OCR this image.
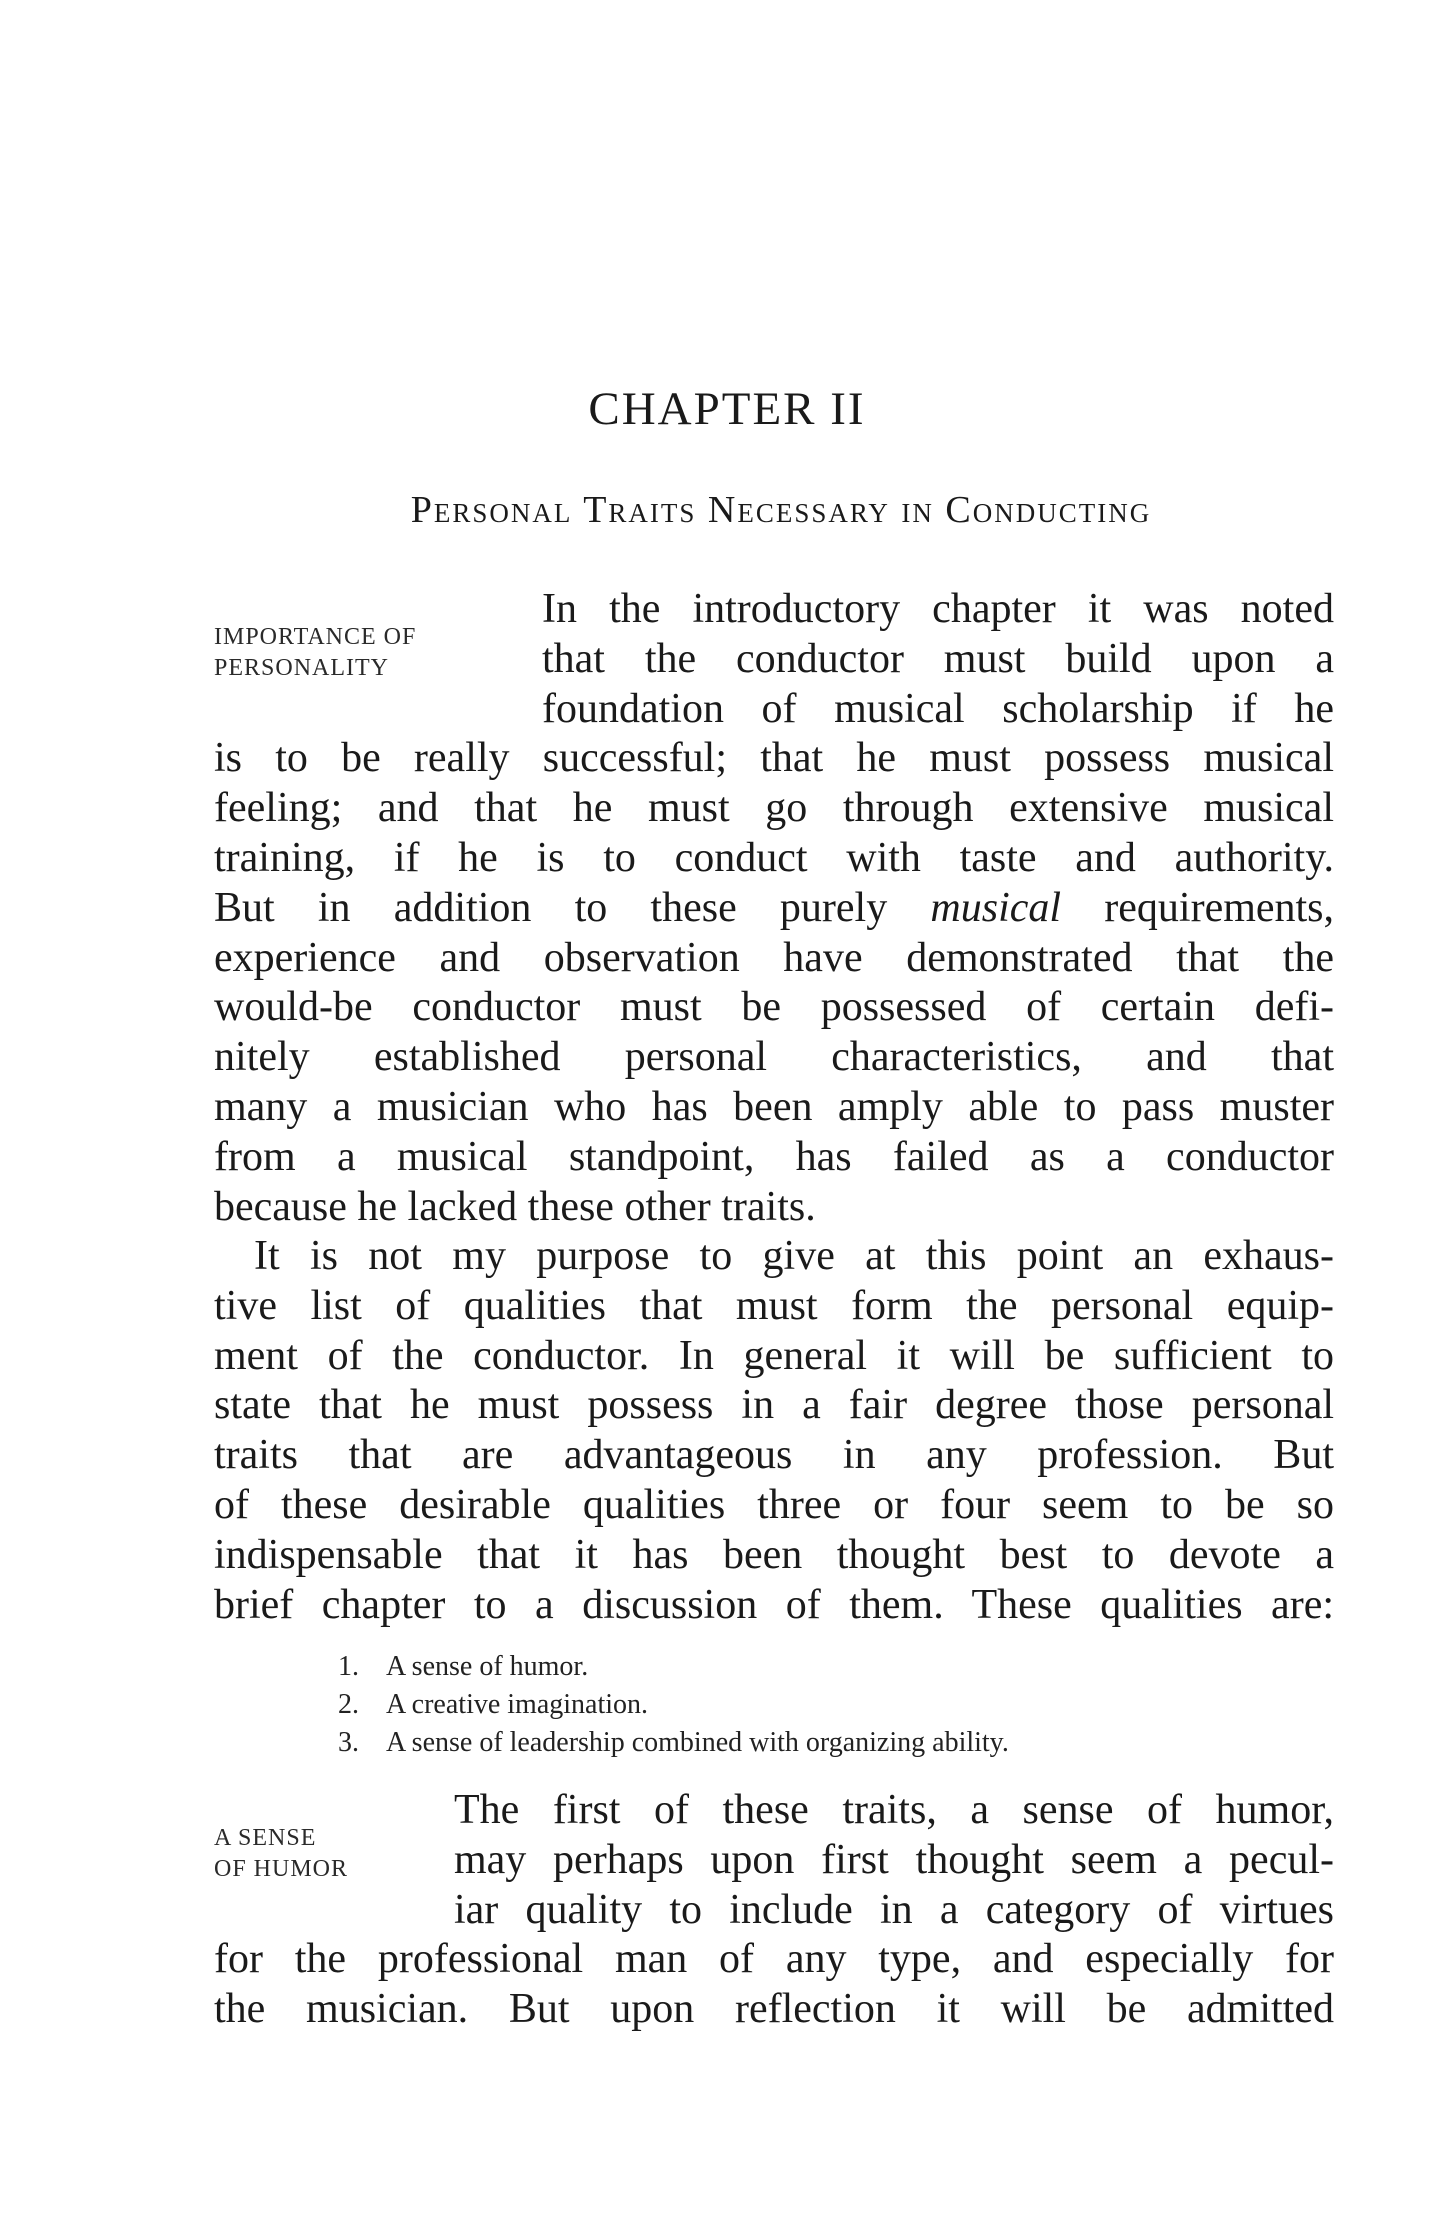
CHAPTER II
Personal Traits Necessary in Conducting
IMPORTANCE OF
PERSONALITY
In the introductory chapter it was noted
that the conductor must build upon a
foundation of musical scholarship if he
is to be really successful; that he must possess musical
feeling; and that he must go through extensive musical
training, if he is to conduct with taste and authority.
But in addition to these purely musical requirements,
experience and observation have demonstrated that the
would-be conductor must be possessed of certain defi-
nitely established personal characteristics, and that
many a musician who has been amply able to pass muster
from a musical standpoint, has failed as a conductor
because he lacked these other traits.
It is not my purpose to give at this point an exhaus-
tive list of qualities that must form the personal equip-
ment of the conductor. In general it will be sufficient to
state that he must possess in a fair degree those personal
traits that are advantageous in any profession. But
of these desirable qualities three or four seem to be so
indispensable that it has been thought best to devote a
brief chapter to a discussion of them. These qualities are:
1. A sense of humor.
2. A creative imagination.
3. A sense of leadership combined with organizing ability.
A SENSE
OF HUMOR
The first of these traits, a sense of humor,
may perhaps upon first thought seem a pecul-
iar quality to include in a category of virtues
for the professional man of any type, and especially for
the musician. But upon reflection it will be admitted
